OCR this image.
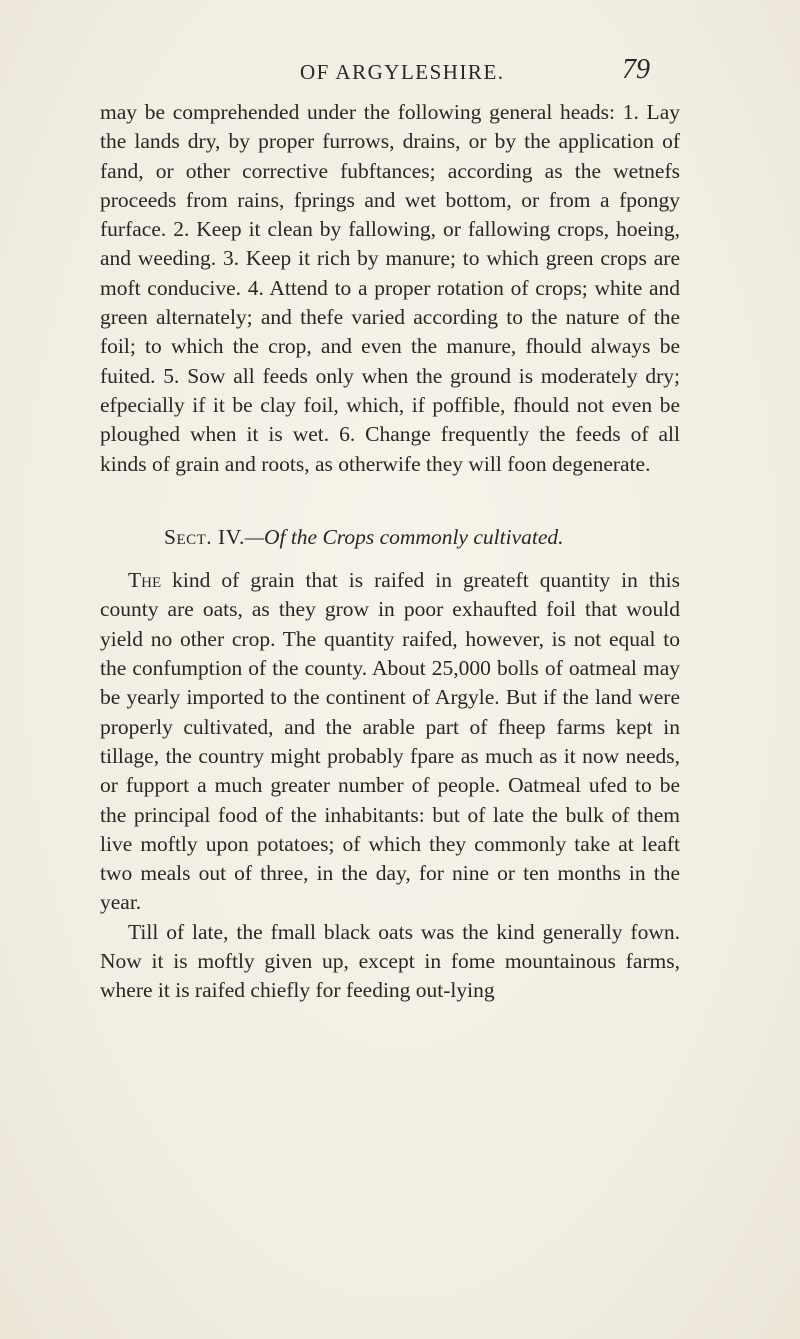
OF ARGYLESHIRE.	79

may be comprehended under the following general heads: 1. Lay the lands dry, by proper furrows, drains, or by the application of fand, or other corrective fubftances; according as the wetnefs proceeds from rains, fprings and wet bottom, or from a fpongy furface. 2. Keep it clean by fallowing, or fallowing crops, hoeing, and weeding. 3. Keep it rich by manure; to which green crops are moft conducive. 4. Attend to a proper rotation of crops; white and green alternately; and thefe varied according to the nature of the foil; to which the crop, and even the manure, fhould always be fuited. 5. Sow all feeds only when the ground is moderately dry; efpecially if it be clay foil, which, if poffible, fhould not even be ploughed when it is wet. 6. Change frequently the feeds of all kinds of grain and roots, as otherwife they will foon degenerate.

Sect. IV.—Of the Crops commonly cultivated.

The kind of grain that is raifed in greateft quantity in this county are oats, as they grow in poor exhaufted foil that would yield no other crop. The quantity raifed, however, is not equal to the confumption of the county. About 25,000 bolls of oatmeal may be yearly imported to the continent of Argyle. But if the land were properly cultivated, and the arable part of fheep farms kept in tillage, the country might probably fpare as much as it now needs, or fupport a much greater number of people. Oatmeal ufed to be the principal food of the inhabitants: but of late the bulk of them live moftly upon potatoes; of which they commonly take at leaft two meals out of three, in the day, for nine or ten months in the year.

Till of late, the fmall black oats was the kind generally fown. Now it is moftly given up, except in fome mountainous farms, where it is raifed chiefly for feeding out-lying
